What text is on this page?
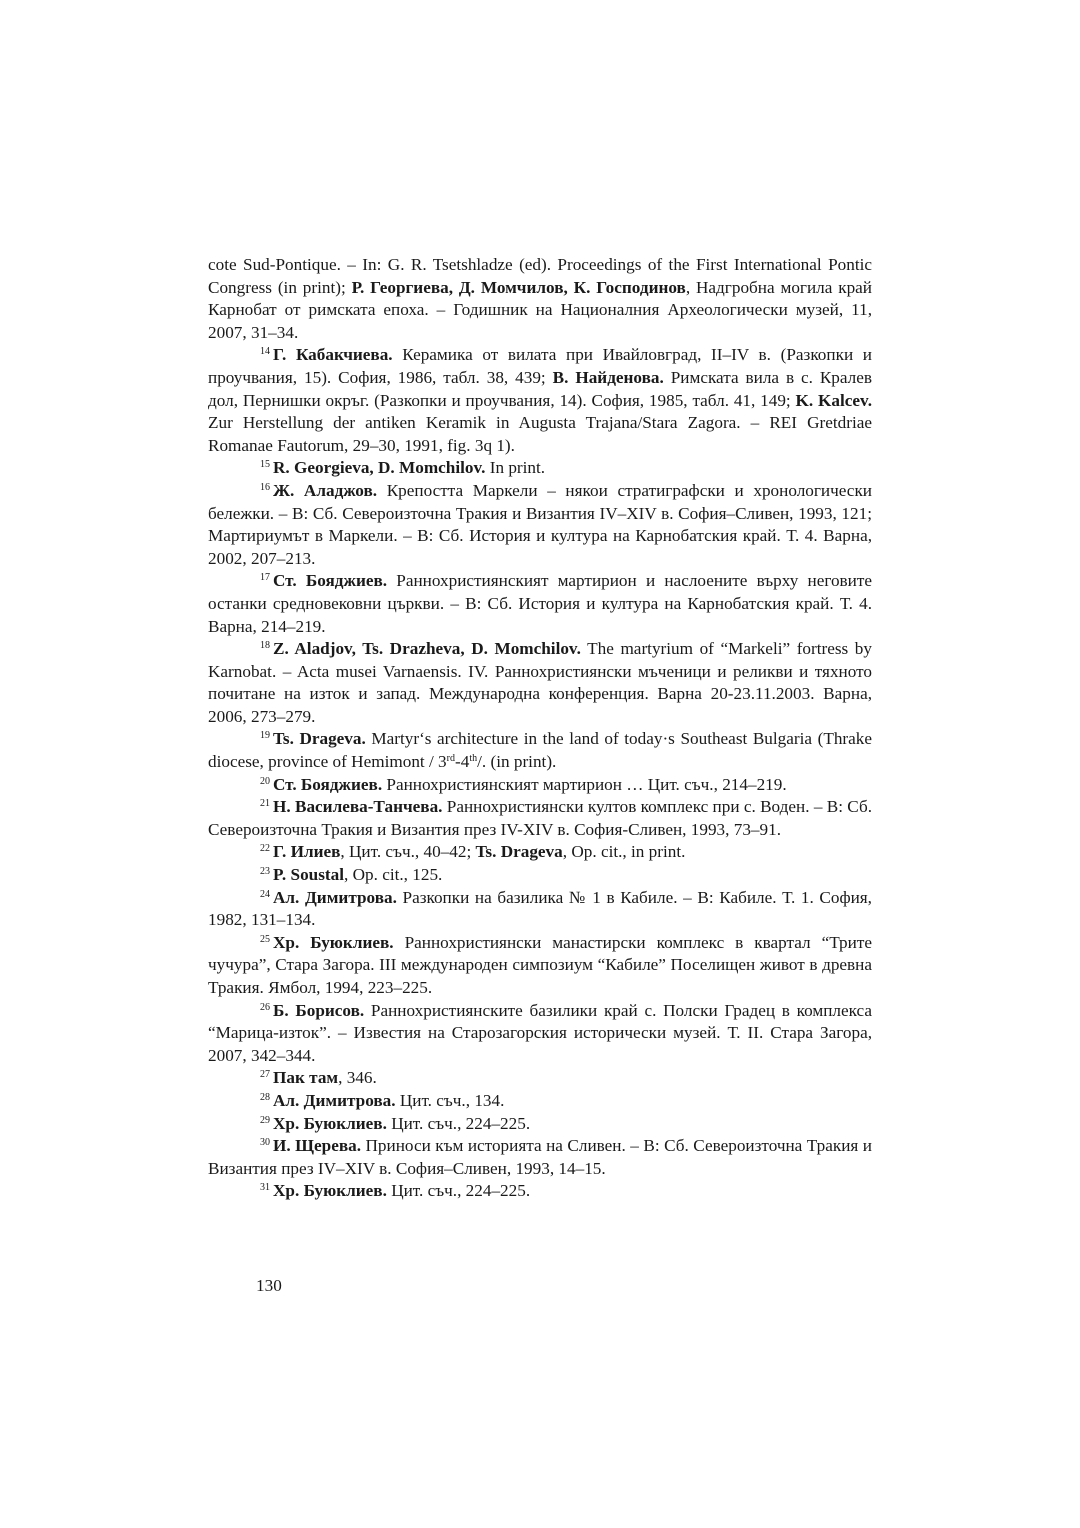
cote Sud-Pontique. – In: G. R. Tsetshladze (ed). Proceedings of the First International Pontic Congress (in print); Р. Георгиева, Д. Момчилов, К. Господинов, Надгробна могила край Карнобат от римската епоха. – Годишник на Националния Археологически музей, 11, 2007, 31–34.

$^{14}$ Г. Кабакчиева. Керамика от вилата при Ивайловград, II–IV в. (Разкопки и проучвания, 15). София, 1986, табл. 38, 439; В. Найденова. Римската вила в с. Кралев дол, Пернишки окръг. (Разкопки и проучвания, 14). София, 1985, табл. 41, 149; K. Kalcev. Zur Herstellung der antiken Keramik in Augusta Trajana/Stara Zagora. – REI Gretdriae Romanae Fautorum, 29–30, 1991, fig. 3q 1).

$^{15}$ R. Georgieva, D. Momchilov. In print.

$^{16}$ Ж. Аладжов. Крепостта Маркели – някои стратиграфски и хронологически бележки. – В: Сб. Североизточна Тракия и Византия IV–XIV в. София–Сливен, 1993, 121; Мартириумът в Маркели. – В: Сб. История и култура на Карнобатския край. Т. 4. Варна, 2002, 207–213.

$^{17}$ Ст. Бояджиев. Раннохристиянският мартирион и наслоените върху неговите останки средновековни църкви. – В: Сб. История и култура на Карнобатския край. Т. 4. Варна, 214–219.

$^{18}$ Z. Aladjov, Ts. Drazheva, D. Momchilov. The martyrium of “Markeli” fortress by Karnobat. – Acta musei Varnaensis. IV. Раннохристиянски мъченици и реликви и тяхното почитане на изток и запад. Международна конференция. Варна 20-23.11.2003. Варна, 2006, 273–279.

$^{19}$ Ts. Drageva. Martyr‘s architecture in the land of today·s Southeast Bulgaria (Thrake diocese, province of Hemimont / 3rd-4th/. (in print).

$^{20}$ Ст. Бояджиев. Раннохристиянският мартирион … Цит. съч., 214–219.

$^{21}$ Н. Василева-Танчева. Раннохристиянски култов комплекс при с. Воден. – В: Сб. Североизточна Тракия и Византия през IV-XIV в. София-Сливен, 1993, 73–91.

$^{22}$ Г. Илиев, Цит. съч., 40–42; Ts. Drageva, Op. cit., in print.

$^{23}$ P. Soustal, Op. cit., 125.

$^{24}$ Ал. Димитрова. Разкопки на базилика № 1 в Кабиле. – В: Кабиле. Т. 1. София, 1982, 131–134.

$^{25}$ Хр. Буюклиев. Раннохристиянски манастирски комплекс в квартал “Трите чучура”, Стара Загора. III международен симпозиум “Кабиле” Поселищен живот в древна Тракия. Ямбол, 1994, 223–225.

$^{26}$ Б. Борисов. Раннохристиянските базилики край с. Полски Градец в комплекса “Марица-изток”. – Известия на Старозагорския исторически музей. Т. II. Стара Загора, 2007, 342–344.

$^{27}$ Пак там, 346.

$^{28}$ Ал. Димитрова. Цит. съч., 134.

$^{29}$ Хр. Буюклиев. Цит. съч., 224–225.

$^{30}$ И. Щерева. Приноси към историята на Сливен. – В: Сб. Североизточна Тракия и Византия през IV–XIV в. София–Сливен, 1993, 14–15.

$^{31}$ Хр. Буюклиев. Цит. съч., 224–225.

130
